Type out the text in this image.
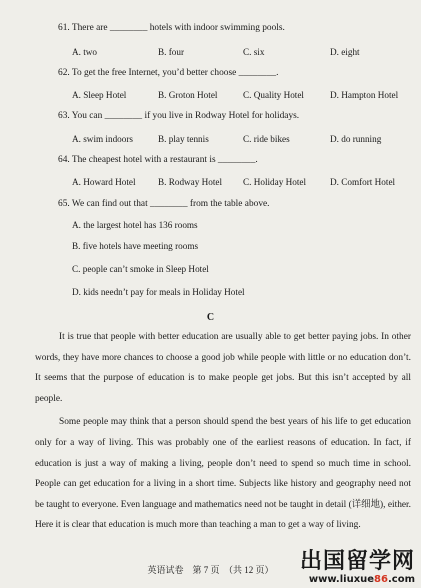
61. There are ________ hotels with indoor swimming pools.
A. two	B. four	C. six	D. eight
62. To get the free Internet, you’d better choose ________.
A. Sleep Hotel	B. Groton Hotel	C. Quality Hotel	D. Hampton Hotel
63. You can ________ if you live in Rodway Hotel for holidays.
A. swim indoors	B. play tennis	C. ride bikes	D. do running
64. The cheapest hotel with a restaurant is ________.
A. Howard Hotel B. Rodway Hotel C. Holiday Hotel	D. Comfort Hotel
65. We can find out that ________ from the table above.
A. the largest hotel has 136 rooms
B. five hotels have meeting rooms
C. people can’t smoke in Sleep Hotel
D. kids needn’t pay for meals in Holiday Hotel
C

It is true that people with better education are usually able to get better paying jobs. In other words, they have more chances to choose a good job while people with little or no education don’t. It seems that the purpose of education is to make people get jobs. But this isn’t accepted by all people.

Some people may think that a person should spend the best years of his life to get education only for a way of living. This was probably one of the earliest reasons of education. In fact, if education is just a way of making a living, people don’t need to spend so much time in school. People can get education for a living in a short time. Subjects like history and geography need not be taught to everyone. Even language and mathematics need not be taught in detail (详细地), either. Here it is clear that education is much more than teaching a man to get a way of living.

英语试卷　第 7 页　（共 12 页）	出国留学网
www.liuxue86.com
